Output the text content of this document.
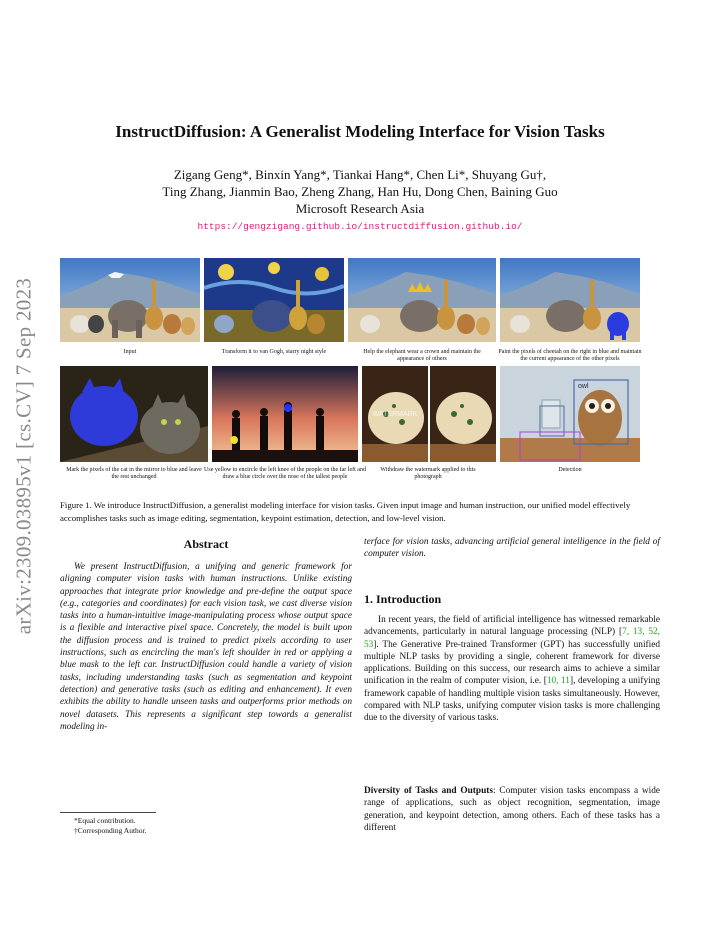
arXiv:2309.03895v1 [cs.CV] 7 Sep 2023
InstructDiffusion: A Generalist Modeling Interface for Vision Tasks
Zigang Geng*, Binxin Yang*, Tiankai Hang*, Chen Li*, Shuyang Gu†,
Ting Zhang, Jianmin Bao, Zheng Zhang, Han Hu, Dong Chen, Baining Guo
Microsoft Research Asia
https://gengzigang.github.io/instructdiffusion.github.io/
Input	Transform it to van Gogh, starry night style	Help the elephant wear a crown and maintain the appearance of others
Paint the pixels of cheetah on the right in blue and maintain the current appearance of the other pixels
WATERMARK
owl
Mark the pixels of the cat in the mirror to blue and leave the rest unchanged
Use yellow to encircle the left knee of the people on the far left and draw a blue circle over the nose of the tallest people
Withdraw the watermark applied to this photograph
Detection
Figure 1. We introduce InstructDiffusion, a generalist modeling interface for vision tasks. Given input image and human instruction, our unified model effectively accomplishes tasks such as image editing, segmentation, keypoint estimation, detection, and low-level vision.
Abstract
We present InstructDiffusion, a unifying and generic framework for aligning computer vision tasks with human instructions. Unlike existing approaches that integrate prior knowledge and pre-define the output space (e.g., categories and coordinates) for each vision task, we cast diverse vision tasks into a human-intuitive image-manipulating process whose output space is a flexible and interactive pixel space. Concretely, the model is built upon the diffusion process and is trained to predict pixels according to user instructions, such as encircling the man's left shoulder in red or applying a blue mask to the left car. InstructDiffusion could handle a variety of vision tasks, including understanding tasks (such as segmentation and keypoint detection) and generative tasks (such as editing and enhancement). It even exhibits the ability to handle unseen tasks and outperforms prior methods on novel datasets. This represents a significant step towards a generalist modeling in-
*Equal contribution.
†Corresponding Author.
terface for vision tasks, advancing artificial general intelligence in the field of computer vision.
1. Introduction
In recent years, the field of artificial intelligence has witnessed remarkable advancements, particularly in natural language processing (NLP) [7, 13, 52, 53]. The Generative Pre-trained Transformer (GPT) has successfully unified multiple NLP tasks by providing a single, coherent framework for diverse applications. Building on this success, our research aims to achieve a similar unification in the realm of computer vision, i.e. [10, 11], developing a unifying framework capable of handling multiple vision tasks simultaneously. However, compared with NLP tasks, unifying computer vision tasks is more challenging due to the diversity of various tasks.
Diversity of Tasks and Outputs: Computer vision tasks encompass a wide range of applications, such as object recognition, segmentation, image generation, and keypoint detection, among others. Each of these tasks has a different
